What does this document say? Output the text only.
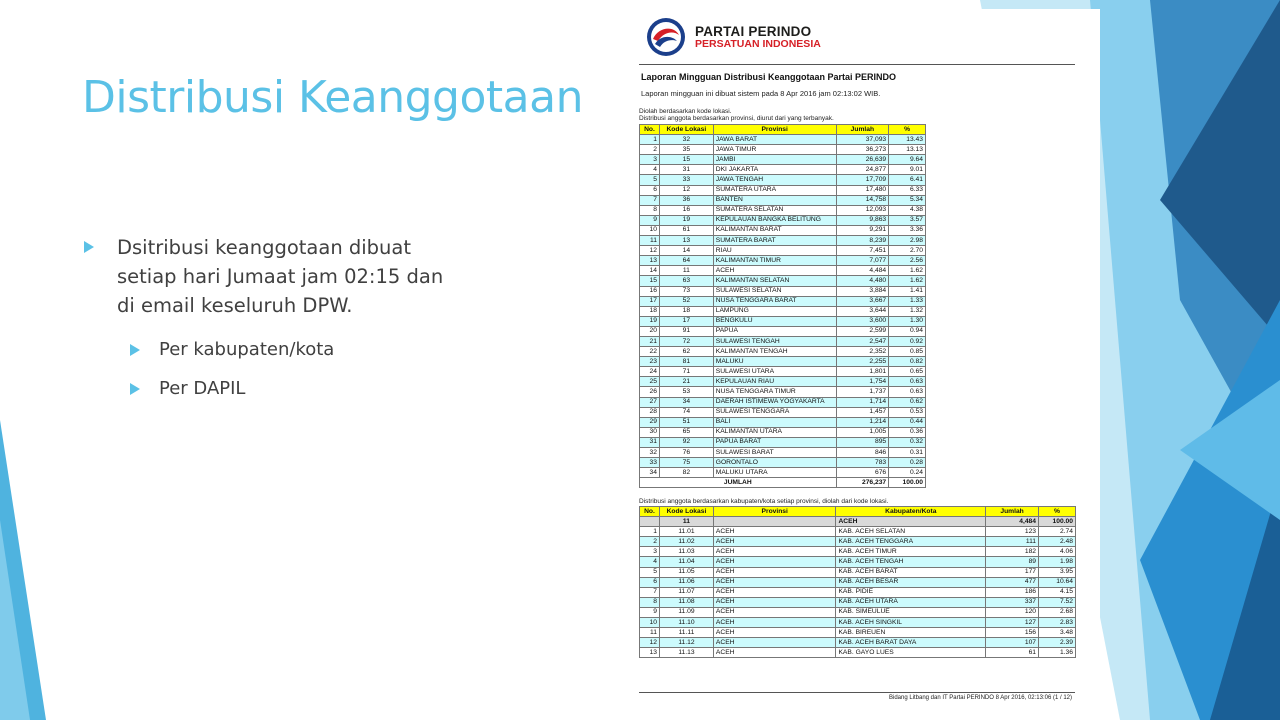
Distribusi Keanggotaan
Dsitribusi keanggotaan dibuat setiap hari Jumaat jam 02:15 dan di email keseluruh DPW.
Per kabupaten/kota
Per DAPIL
PARTAI PERINDO
PERSATUAN INDONESIA
Laporan Mingguan Distribusi Keanggotaan Partai PERINDO
Laporan mingguan ini dibuat sistem pada 8 Apr 2016 jam 02:13:02 WIB.
Diolah berdasarkan kode lokasi.
Distribusi anggota berdasarkan provinsi, diurut dari yang terbanyak.
No.	Kode Lokasi	Provinsi	Jumlah	%
1	32	JAWA BARAT	37,093	13.43
2	35	JAWA TIMUR	36,273	13.13
3	15	JAMBI	26,639	9.64
4	31	DKI JAKARTA	24,877	9.01
5	33	JAWA TENGAH	17,709	6.41
6	12	SUMATERA UTARA	17,480	6.33
7	36	BANTEN	14,758	5.34
8	16	SUMATERA SELATAN	12,093	4.38
9	19	KEPULAUAN BANGKA BELITUNG	9,863	3.57
10	61	KALIMANTAN BARAT	9,291	3.36
11	13	SUMATERA BARAT	8,239	2.98
12	14	RIAU	7,451	2.70
13	64	KALIMANTAN TIMUR	7,077	2.56
14	11	ACEH	4,484	1.62
15	63	KALIMANTAN SELATAN	4,480	1.62
16	73	SULAWESI SELATAN	3,884	1.41
17	52	NUSA TENGGARA BARAT	3,667	1.33
18	18	LAMPUNG	3,644	1.32
19	17	BENGKULU	3,600	1.30
20	91	PAPUA	2,599	0.94
21	72	SULAWESI TENGAH	2,547	0.92
22	62	KALIMANTAN TENGAH	2,352	0.85
23	81	MALUKU	2,255	0.82
24	71	SULAWESI UTARA	1,801	0.65
25	21	KEPULAUAN RIAU	1,754	0.63
26	53	NUSA TENGGARA TIMUR	1,737	0.63
27	34	DAERAH ISTIMEWA YOGYAKARTA	1,714	0.62
28	74	SULAWESI TENGGARA	1,457	0.53
29	51	BALI	1,214	0.44
30	65	KALIMANTAN UTARA	1,005	0.36
31	92	PAPUA BARAT	895	0.32
32	76	SULAWESI BARAT	846	0.31
33	75	GORONTALO	783	0.28
34	82	MALUKU UTARA	676	0.24
JUMLAH			276,237	100.00
Distribusi anggota berdasarkan kabupaten/kota setiap provinsi, diolah dari kode lokasi.
No.	Kode Lokasi	Provinsi	Kabupaten/Kota	Jumlah	%
	11		ACEH	4,484	100.00
1	11.01	ACEH	KAB. ACEH SELATAN	123	2.74
2	11.02	ACEH	KAB. ACEH TENGGARA	111	2.48
3	11.03	ACEH	KAB. ACEH TIMUR	182	4.06
4	11.04	ACEH	KAB. ACEH TENGAH	89	1.98
5	11.05	ACEH	KAB. ACEH BARAT	177	3.95
6	11.06	ACEH	KAB. ACEH BESAR	477	10.64
7	11.07	ACEH	KAB. PIDIE	186	4.15
8	11.08	ACEH	KAB. ACEH UTARA	337	7.52
9	11.09	ACEH	KAB. SIMEULUE	120	2.68
10	11.10	ACEH	KAB. ACEH SINGKIL	127	2.83
11	11.11	ACEH	KAB. BIREUEN	156	3.48
12	11.12	ACEH	KAB. ACEH BARAT DAYA	107	2.39
13	11.13	ACEH	KAB. GAYO LUES	61	1.36
Bidang Litbang dan IT Partai PERINDO 8 Apr 2016, 02:13:06 (1 / 12)
